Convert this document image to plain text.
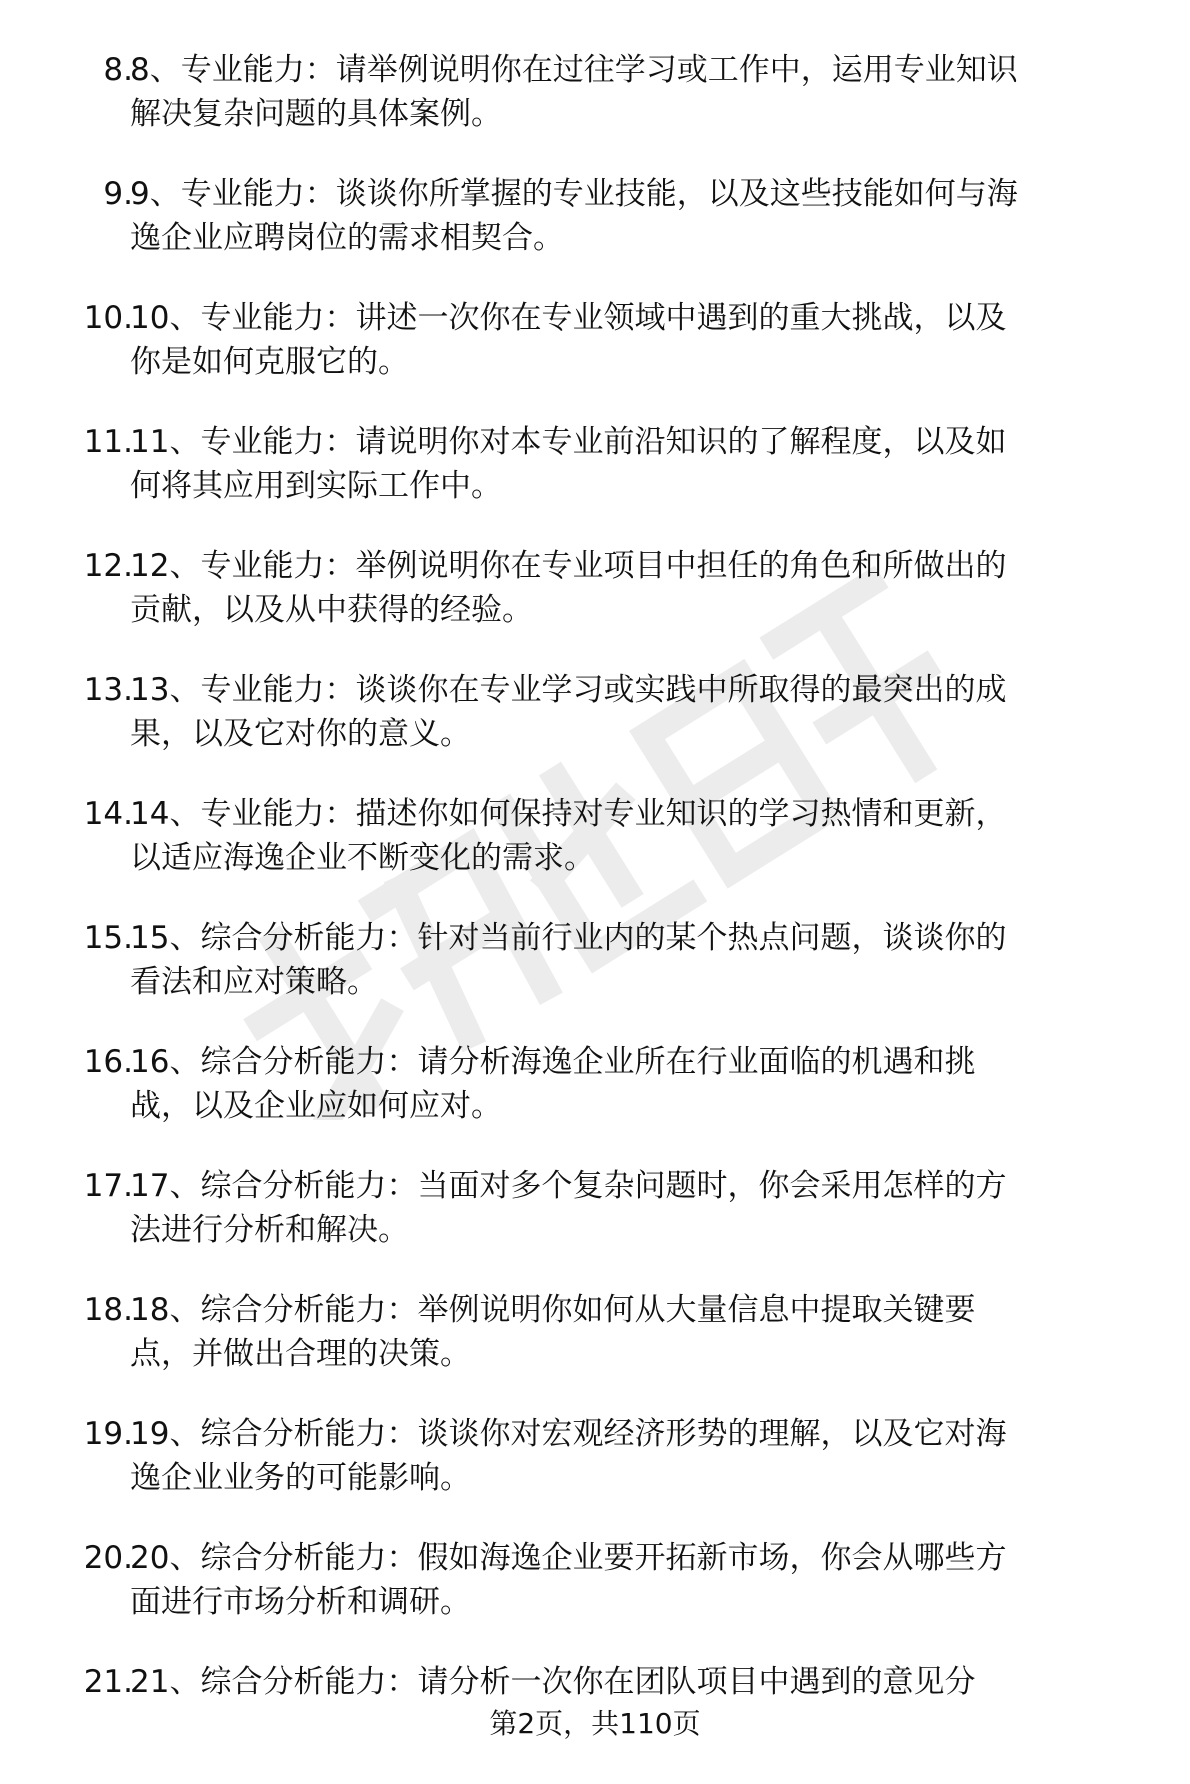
8.

8、专业能力：请举例说明你在过往学习或工作中，运用专业知识
解决复杂问题的具体案例。

9.

9、专业能力：谈谈你所掌握的专业技能，以及这些技能如何与海
逸企业应聘岗位的需求相契合。

10.

10、专业能力：讲述一次你在专业领域中遇到的重大挑战，以及
你是如何克服它的。

11.

11、专业能力：请说明你对本专业前沿知识的了解程度，以及如
何将其应用到实际工作中。

12.

12、专业能力：举例说明你在专业项目中担任的角色和所做出的
贡献，以及从中获得的经验。

13.

13、专业能力：谈谈你在专业学习或实践中所取得的最突出的成
果，以及它对你的意义。

14.

14、专业能力：描述你如何保持对专业知识的学习热情和更新，
以适应海逸企业不断变化的需求。

15.

15、综合分析能力：针对当前行业内的某个热点问题，谈谈你的
看法和应对策略。

16.

16、综合分析能力：请分析海逸企业所在行业面临的机遇和挑
战，以及企业应如何应对。

17.

17、综合分析能力：当面对多个复杂问题时，你会采用怎样的方
法进行分析和解决。

18.

18、综合分析能力：举例说明你如何从大量信息中提取关键要
点，并做出合理的决策。

19.

19、综合分析能力：谈谈你对宏观经济形势的理解，以及它对海
逸企业业务的可能影响。

20.

20、综合分析能力：假如海逸企业要开拓新市场，你会从哪些方
面进行市场分析和调研。

21.

21、综合分析能力：请分析一次你在团队项目中遇到的意见分

第2页，共110页
